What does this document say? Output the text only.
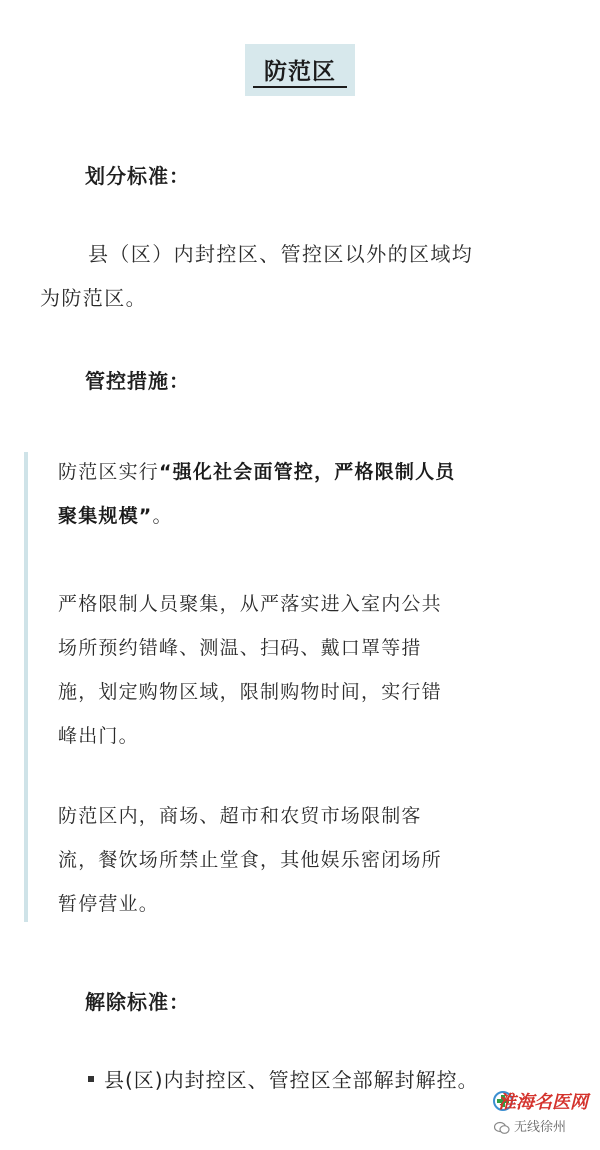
防范区
划分标准：
县（区）内封控区、管控区以外的区域均
为防范区。
管控措施：
防范区实行“强化社会面管控，严格限制人员
聚集规模”。
严格限制人员聚集，从严落实进入室内公共
场所预约错峰、测温、扫码、戴口罩等措
施，划定购物区域，限制购物时间，实行错
峰出门。
防范区内，商场、超市和农贸市场限制客
流，餐饮场所禁止堂食，其他娱乐密闭场所
暂停营业。
解除标准：
县(区)内封控区、管控区全部解封解控。
淮海名医网
无线徐州
